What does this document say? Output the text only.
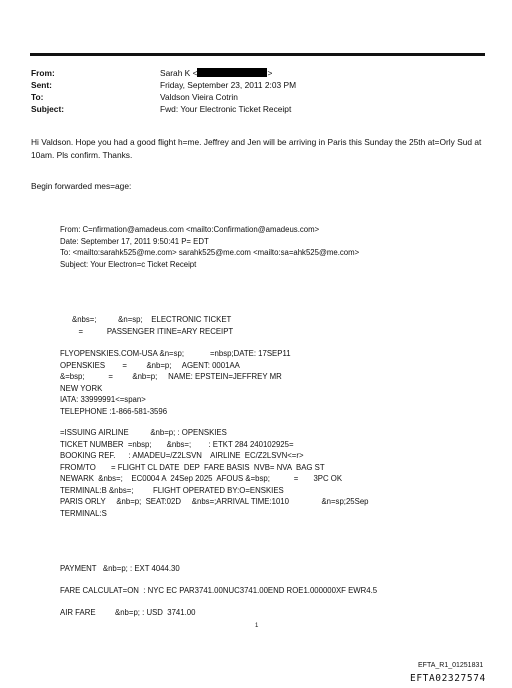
From:	Sarah K <	>
Sent:	Friday, September 23, 2011 2:03 PM
To:	Valdson Vieira Cotrin
Subject:	Fwd: Your Electronic Ticket Receipt
Hi Valdson. Hope you had a good flight h=me. Jeffrey and Jen will be arriving in Paris this Sunday the 25th at=Orly Sud at 10am. Pls confirm. Thanks.
Begin forwarded mes=age:
From: C=nfirmation@amadeus.com <mailto:Confirmation@amadeus.com>
Date: September 17, 2011 9:50:41 P= EDT
To: <mailto:sarahk525@me.com> sarahk525@me.com <mailto:sa=ahk525@me.com>
Subject: Your Electron=c Ticket Receipt
&nbs=;          &n=sp;    ELECTRONIC TICKET
=           PASSENGER ITINE=ARY RECEIPT
FLYOPENSKIES.COM-USA &n=sp;            =nbsp;DATE: 17SEP11
OPENSKIES        =         &nb=p;     AGENT: 0001AA
&=bsp;           =         &nb=p;     NAME: EPSTEIN=JEFFREY MR
NEW YORK
IATA: 33999991<=span>
TELEPHONE :1-866-581-3596
=ISSUING AIRLINE          &nb=p; : OPENSKIES
TICKET NUMBER  =nbsp;       &nbs=;        : ETKT 284 240102925=
BOOKING REF.      : AMADEU=/Z2LSVN    AIRLINE  EC/Z2LSVN<=r>
FROM/TO       = FLIGHT CL DATE  DEP  FARE BASIS  NVB= NVA  BAG ST
NEWARK  &nbs=;    EC0004 A  24Sep 2025  AFOUS &=bsp;           =       3PC OK
TERMINAL:B &nbs=;         FLIGHT OPERATED BY:O=ENSKIES
PARIS ORLY     &nb=p;  SEAT:02D     &nbs=;ARRIVAL TIME:1010               &n=sp;25Sep
TERMINAL:S
PAYMENT   &nb=p; : EXT 4044.30
FARE CALCULAT=ON  : NYC EC PAR3741.00NUC3741.00END ROE1.000000XF EWR4.5
AIR FARE         &nb=p; : USD  3741.00
1
EFTA_R1_01251831
EFTA02327574
